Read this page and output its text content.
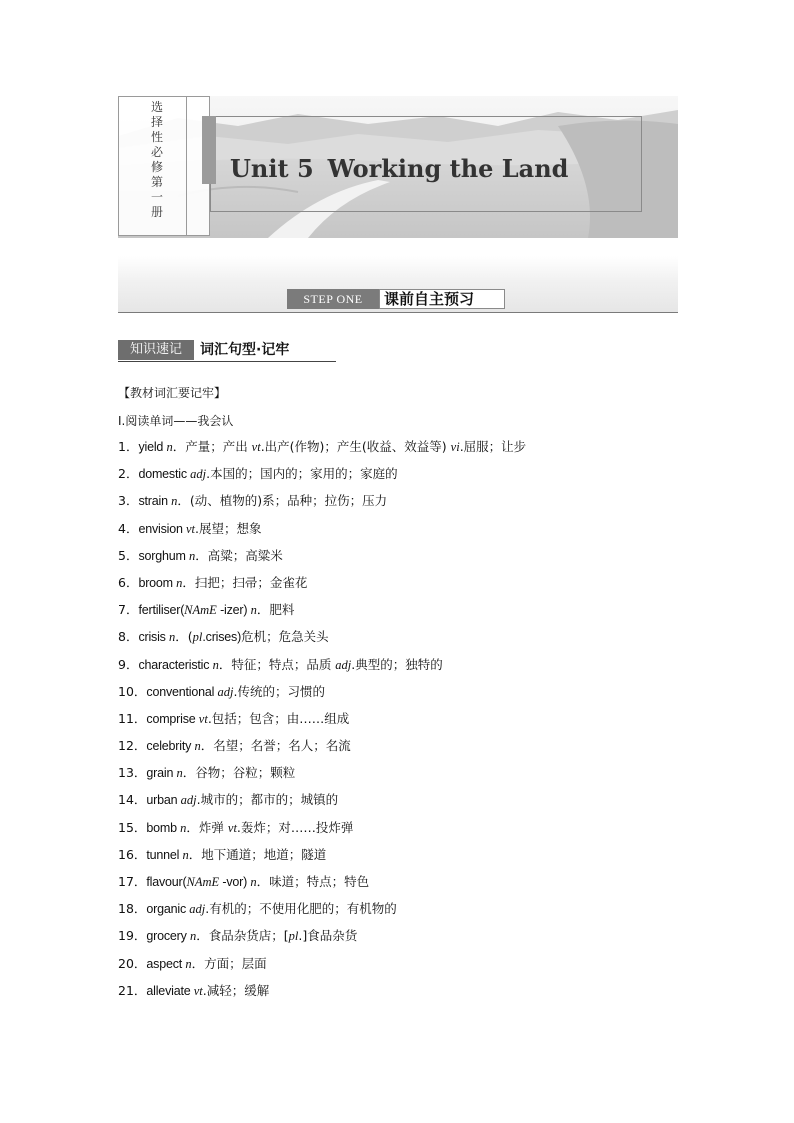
选择性必修第一册
Unit 5 Working the Land
STEP ONE	课前自主预习
知识速记	词汇句型·记牢
【教材词汇要记牢】
Ⅰ.阅读单词——我会认
1．yield n．产量；产出 vt.出产(作物)；产生(收益、效益等) vi.屈服；让步
2．domestic adj.本国的；国内的；家用的；家庭的
3．strain n．(动、植物的)系；品种；拉伤；压力
4．envision vt.展望；想象
5．sorghum n．高粱；高粱米
6．broom n．扫把；扫帚；金雀花
7．fertiliser(NAmE -izer) n．肥料
8．crisis n．(pl.crises)危机；危急关头
9．characteristic n．特征；特点；品质 adj.典型的；独特的
10．conventional adj.传统的；习惯的
11．comprise vt.包括；包含；由……组成
12．celebrity n．名望；名誉；名人；名流
13．grain n．谷物；谷粒；颗粒
14．urban adj.城市的；都市的；城镇的
15．bomb n．炸弹 vt.轰炸；对……投炸弹
16．tunnel n．地下通道；地道；隧道
17．flavour(NAmE -vor) n．味道；特点；特色
18．organic adj.有机的；不使用化肥的；有机物的
19．grocery n．食品杂货店；[pl.]食品杂货
20．aspect n．方面；层面
21．alleviate vt.减轻；缓解
